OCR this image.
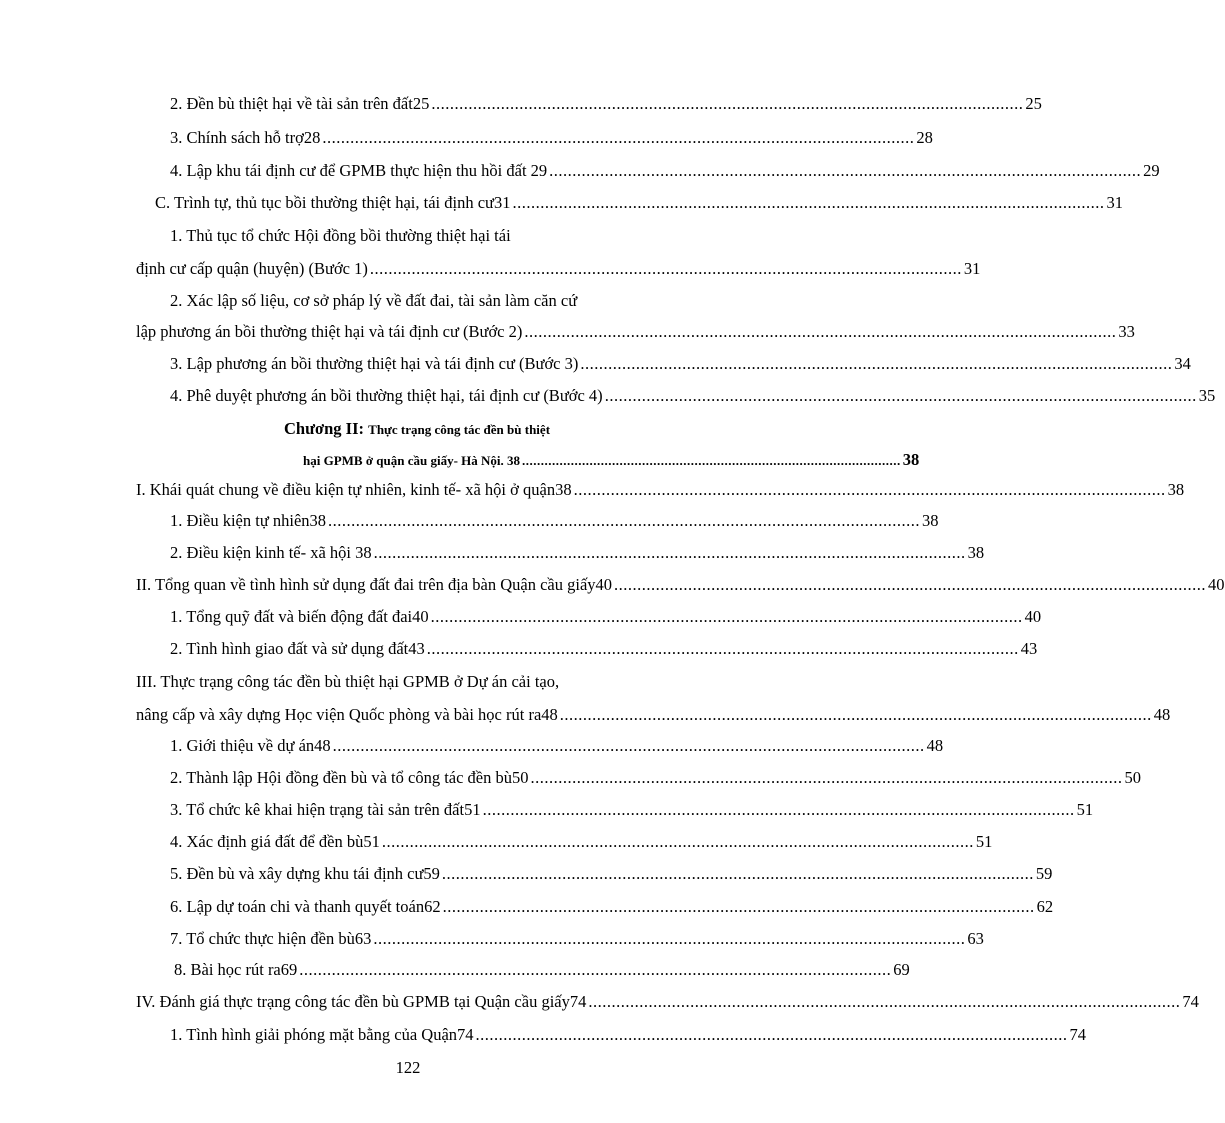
2. Đền bù thiệt hại về tài sản trên đất25 ................................................................................................................................ 25
3. Chính sách hỗ trợ28 ................................................................................................................................ 28
4. Lập khu tái định cư để GPMB thực hiện thu hồi đất 29 ................................................................................................................................ 29
C. Trình tự, thủ tục bồi thường thiệt hại, tái định cư31 ................................................................................................................................ 31
1. Thủ tục tổ chức Hội đồng bồi thường thiệt hại tái
định cư cấp quận (huyện) (Bước 1) ................................................................................................................................ 31
2. Xác lập số liệu, cơ sở pháp lý về đất đai, tài sản làm căn cứ
lập phương án bồi thường thiệt hại và tái định cư (Bước 2) ................................................................................................................................ 33
3. Lập phương án bồi thường thiệt hại và tái định cư (Bước 3) ................................................................................................................................ 34
4. Phê duyệt phương án bồi thường thiệt hại, tái định cư (Bước 4) ................................................................................................................................ 35
Chương II: Thực trạng công tác đền bù thiệt
hại GPMB ở quận cầu giấy- Hà Nội. 38 ..................................................................................................... 38
I. Khái quát chung về điều kiện tự nhiên, kinh tế- xã hội ở quận38 ................................................................................................................................ 38
1. Điều kiện tự nhiên38 ................................................................................................................................ 38
2. Điều kiện kinh tế- xã hội 38 ................................................................................................................................ 38
II. Tổng quan về tình hình sử dụng đất đai trên địa bàn Quận cầu giấy40 ................................................................................................................................ 40
1. Tổng quỹ đất và biến động đất đai40 ................................................................................................................................ 40
2. Tình hình giao đất và sử dụng đất43 ................................................................................................................................ 43
III. Thực trạng công tác đền bù thiệt hại GPMB ở Dự án cải tạo,
nâng cấp và xây dựng Học viện Quốc phòng và bài học rút ra48 ................................................................................................................................ 48
1. Giới thiệu về dự án48 ................................................................................................................................ 48
2. Thành lập Hội đồng đền bù và tổ công tác đền bù50 ................................................................................................................................ 50
3. Tổ chức kê khai hiện trạng tài sản trên đất51 ................................................................................................................................ 51
4. Xác định giá đất để đền bù51 ................................................................................................................................ 51
5. Đền bù và xây dựng khu tái định cư59 ................................................................................................................................ 59
6. Lập dự toán chi và thanh quyết toán62 ................................................................................................................................ 62
7. Tổ chức thực hiện đền bù63 ................................................................................................................................ 63
8. Bài học rút ra69 ................................................................................................................................ 69
IV. Đánh giá thực trạng công tác đền bù GPMB tại Quận cầu giấy74 ................................................................................................................................ 74
1. Tình hình giải phóng mặt bằng của Quận74 ................................................................................................................................ 74
122
